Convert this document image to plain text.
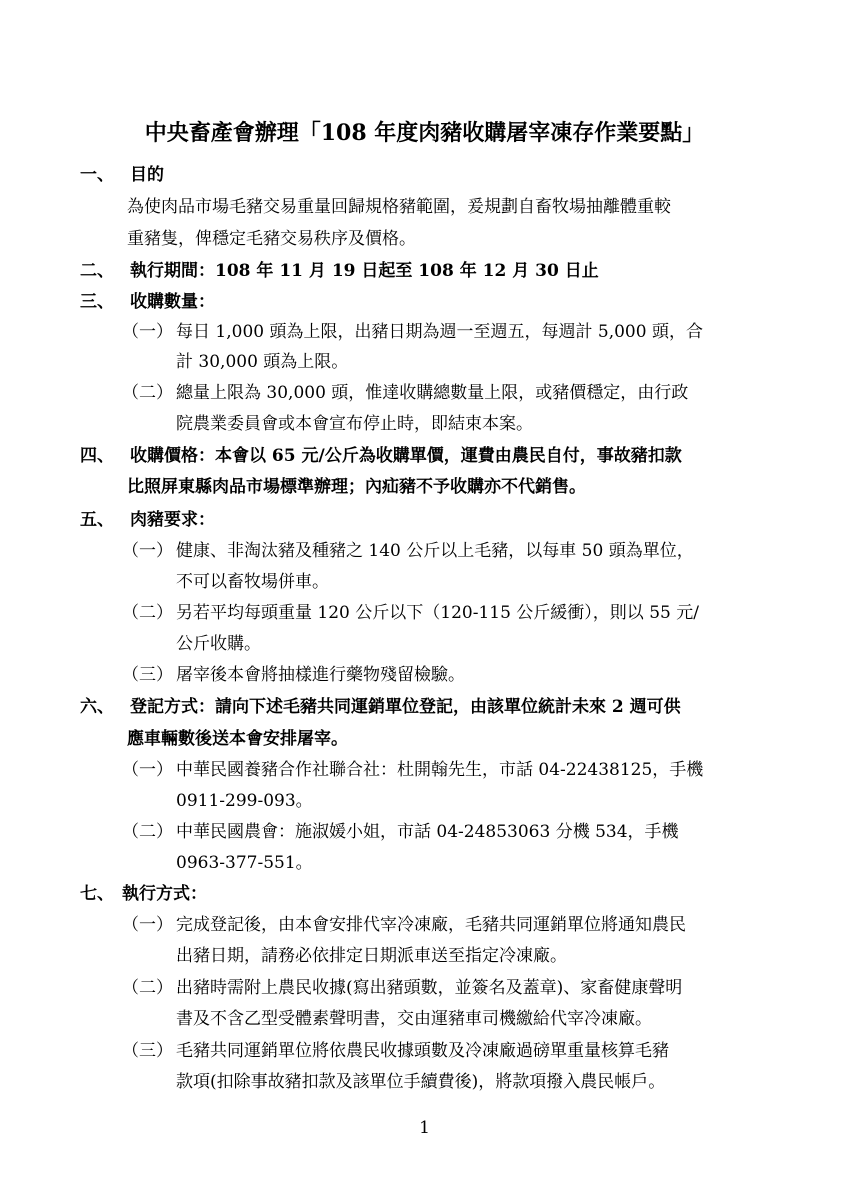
中央畜產會辦理「108 年度肉豬收購屠宰凍存作業要點」
一、 目的
為使肉品市場毛豬交易重量回歸規格豬範圍，爰規劃自畜牧場抽離體重較
重豬隻，俾穩定毛豬交易秩序及價格。
二、 執行期間：108 年 11 月 19 日起至 108 年 12 月 30 日止
三、 收購數量：
（一） 每日 1,000 頭為上限，出豬日期為週一至週五，每週計 5,000 頭，合
計 30,000 頭為上限。
（二） 總量上限為 30,000 頭，惟達收購總數量上限，或豬價穩定，由行政
院農業委員會或本會宣布停止時，即結束本案。
四、 收購價格：本會以 65 元/公斤為收購單價，運費由農民自付，事故豬扣款
比照屏東縣肉品市場標準辦理；內疝豬不予收購亦不代銷售。
五、 肉豬要求：
（一） 健康、非淘汰豬及種豬之 140 公斤以上毛豬，以每車 50 頭為單位，
不可以畜牧場併車。
（二） 另若平均每頭重量 120 公斤以下（120-115 公斤緩衝），則以 55 元/
公斤收購。
（三） 屠宰後本會將抽樣進行藥物殘留檢驗。
六、 登記方式：請向下述毛豬共同運銷單位登記，由該單位統計未來 2 週可供
應車輛數後送本會安排屠宰。
（一） 中華民國養豬合作社聯合社：杜開翰先生，市話 04-22438125，手機
0911-299-093。
（二） 中華民國農會：施淑媛小姐，市話 04-24853063 分機 534，手機
0963-377-551。
七、 執行方式：
（一） 完成登記後，由本會安排代宰冷凍廠，毛豬共同運銷單位將通知農民
出豬日期，請務必依排定日期派車送至指定冷凍廠。
（二） 出豬時需附上農民收據(寫出豬頭數，並簽名及蓋章)、家畜健康聲明
書及不含乙型受體素聲明書，交由運豬車司機繳給代宰冷凍廠。
（三） 毛豬共同運銷單位將依農民收據頭數及冷凍廠過磅單重量核算毛豬
款項(扣除事故豬扣款及該單位手續費後)，將款項撥入農民帳戶。
1
